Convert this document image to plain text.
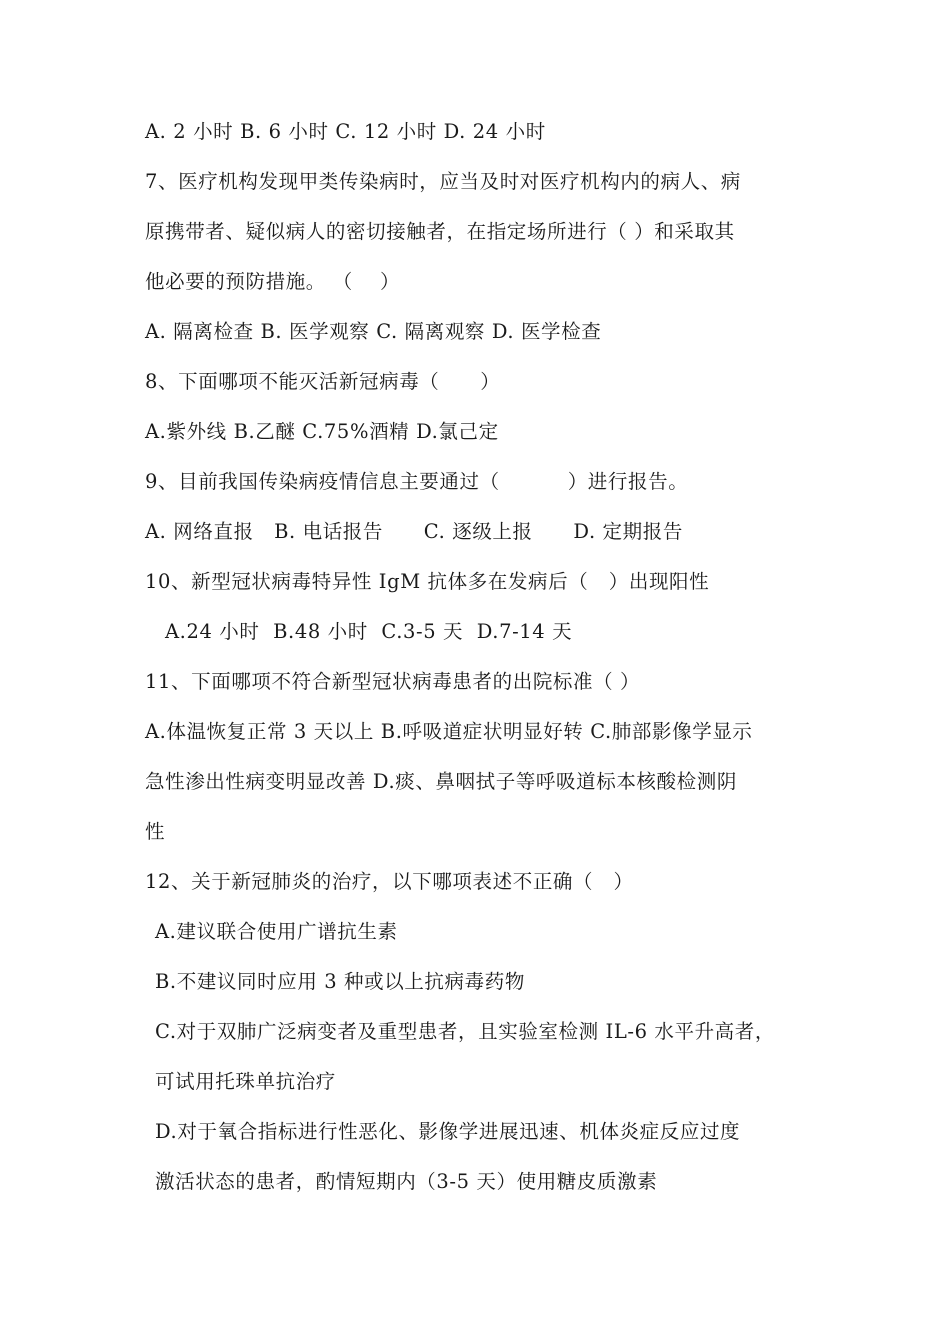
A. 2 小时 B. 6 小时 C. 12 小时 D. 24 小时
7、医疗机构发现甲类传染病时，应当及时对医疗机构内的病人、病
原携带者、疑似病人的密切接触者，在指定场所进行（ ）和采取其
他必要的预防措施。 （    ）
A. 隔离检查 B. 医学观察 C. 隔离观察 D. 医学检查
8、下面哪项不能灭活新冠病毒（      ）
A.紫外线 B.乙醚 C.75%酒精 D.氯己定
9、目前我国传染病疫情信息主要通过（          ）进行报告。
A. 网络直报   B. 电话报告      C. 逐级上报      D. 定期报告
10、新型冠状病毒特异性 IgM 抗体多在发病后（   ）出现阳性
A.24 小时  B.48 小时  C.3-5 天  D.7-14 天
11、下面哪项不符合新型冠状病毒患者的出院标准（ ）
A.体温恢复正常 3 天以上 B.呼吸道症状明显好转 C.肺部影像学显示
急性渗出性病变明显改善 D.痰、鼻咽拭子等呼吸道标本核酸检测阴
性
12、关于新冠肺炎的治疗，以下哪项表述不正确（   ）
A.建议联合使用广谱抗生素
B.不建议同时应用 3 种或以上抗病毒药物
C.对于双肺广泛病变者及重型患者，且实验室检测 IL-6 水平升高者，
可试用托珠单抗治疗
D.对于氧合指标进行性恶化、影像学进展迅速、机体炎症反应过度
激活状态的患者，酌情短期内（3-5 天）使用糖皮质激素
